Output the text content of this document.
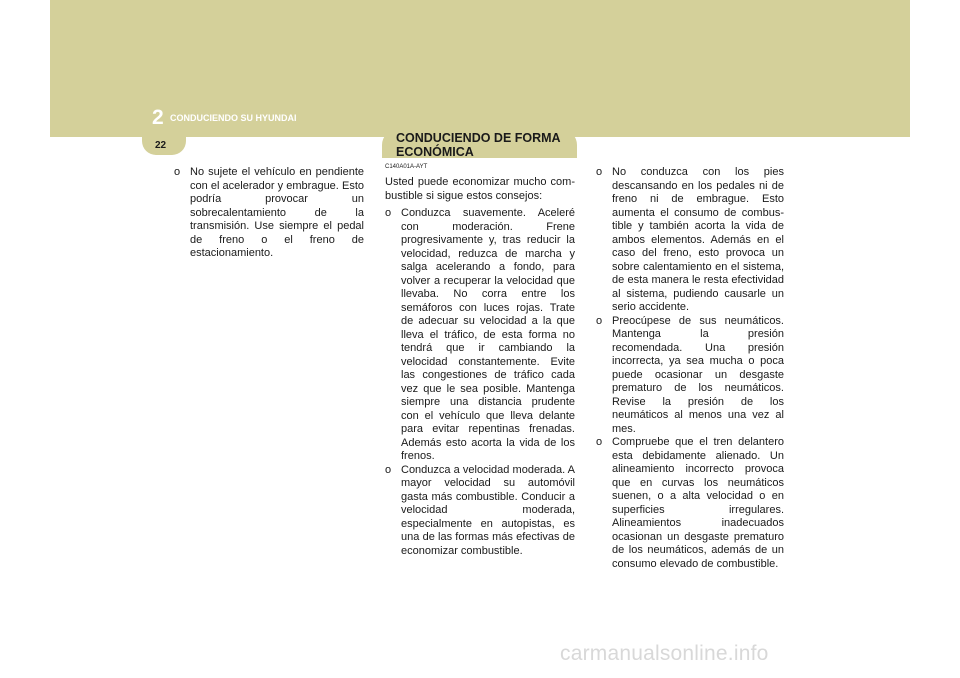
2 CONDUCIENDO SU HYUNDAI
22
CONDUCIENDO DE FORMA ECONÓMICA
o No sujete el vehículo en pendiente con el acelerador y embrague. Esto podría provocar un sobrecalentamiento de la transmisión. Use siempre el pedal de freno o el freno de estacionamiento.
C140A01A-AYT
Usted puede economizar mucho com-bustible si sigue estos consejos:
o Conduzca suavemente. Aceleré con moderación. Frene progresivamente y, tras reducir la velocidad, reduzca de marcha y salga acelerando a fondo, para volver a recuperar la velocidad que llevaba. No corra entre los semáforos con luces rojas. Trate de adecuar su velocidad a la que lleva el tráfico, de esta forma no tendrá que ir cambiando la velocidad constantemente. Evite las congestiones de tráfico cada vez que le sea posible. Mantenga siempre una distancia prudente con el vehículo que lleva delante para evitar repentinas frenadas. Además esto acorta la vida de los frenos.
o Conduzca a velocidad moderada. A mayor velocidad su automóvil gasta más combustible. Conducir a velocidad moderada, especialmente en autopistas, es una de las formas más efectivas de economizar combustible.
o No conduzca con los pies descansando en los pedales ni de freno ni de embrague. Esto aumenta el consumo de combus-tible y también acorta la vida de ambos elementos. Además en el caso del freno, esto provoca un sobre calentamiento en el sistema, de esta manera le resta efectividad al sistema, pudiendo causarle un serio accidente.
o Preocúpese de sus neumáticos. Mantenga la presión recomendada. Una presión incorrecta, ya sea mucha o poca puede ocasionar un desgaste prematuro de los neumáticos. Revise la presión de los neumáticos al menos una vez al mes.
o Compruebe que el tren delantero esta debidamente alienado. Un alineamiento incorrecto provoca que en curvas los neumáticos suenen, o a alta velocidad o en superficies irregulares. Alineamientos inadecuados ocasionan un desgaste prematuro de los neumáticos, además de un consumo elevado de combustible.
carmanualsonline.info
